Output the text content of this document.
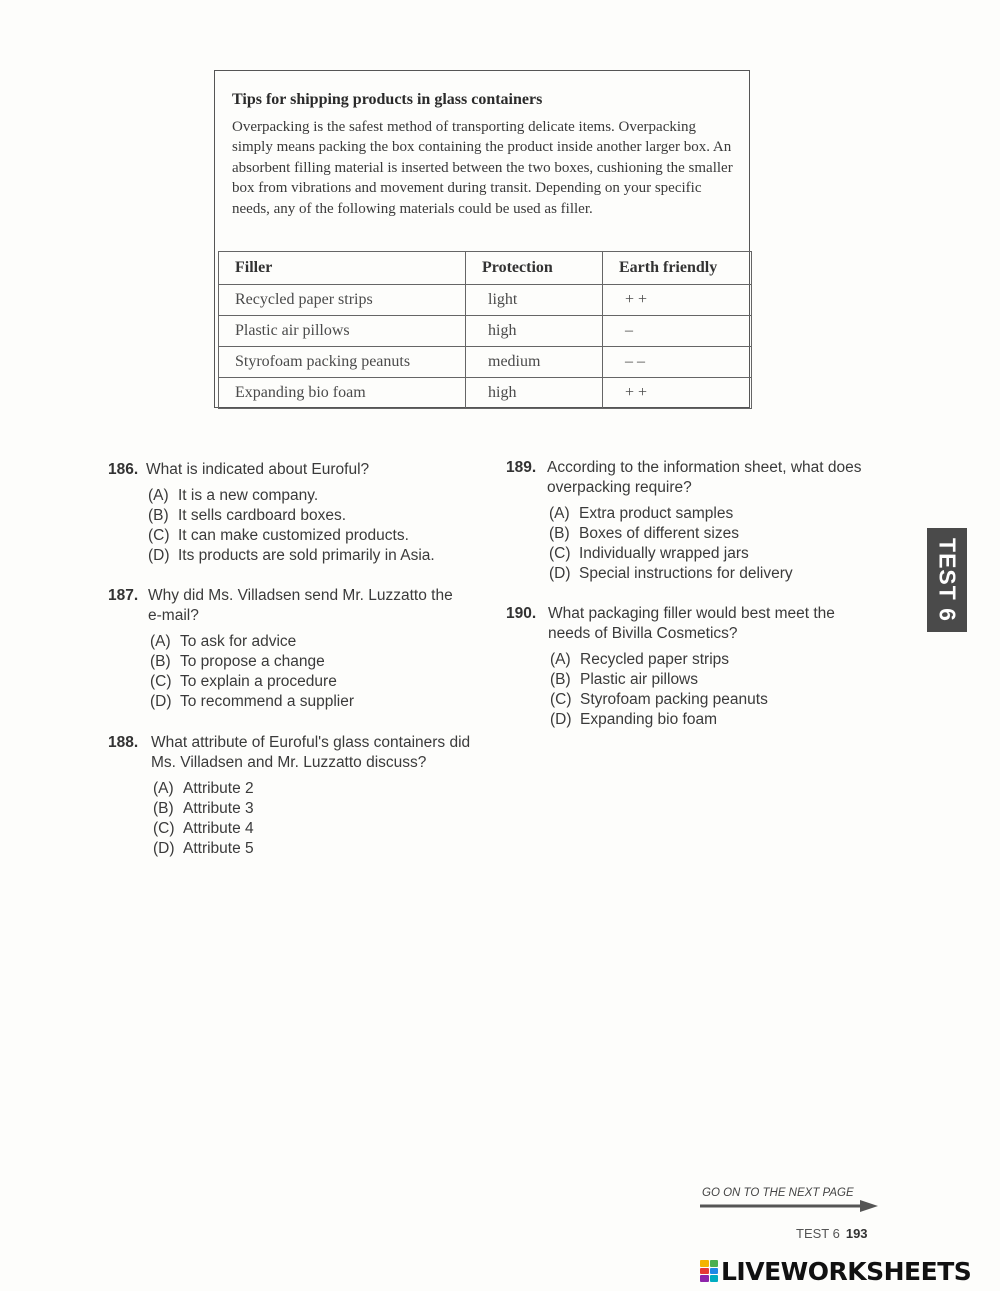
Tips for shipping products in glass containers
Overpacking is the safest method of transporting delicate items. Overpacking simply means packing the box containing the product inside another larger box. An absorbent filling material is inserted between the two boxes, cushioning the smaller box from vibrations and movement during transit. Depending on your specific needs, any of the following materials could be used as filler.
Filler	Protection	Earth friendly
Recycled paper strips	light	+ +
Plastic air pillows	high	–
Styrofoam packing peanuts	medium	– –
Expanding bio foam	high	+ +
186. What is indicated about Euroful?
(A) It is a new company.
(B) It sells cardboard boxes.
(C) It can make customized products.
(D) Its products are sold primarily in Asia.
187. Why did Ms. Villadsen send Mr. Luzzatto the e-mail?
(A) To ask for advice
(B) To propose a change
(C) To explain a procedure
(D) To recommend a supplier
188. What attribute of Euroful's glass containers did Ms. Villadsen and Mr. Luzzatto discuss?
(A) Attribute 2
(B) Attribute 3
(C) Attribute 4
(D) Attribute 5
189. According to the information sheet, what does overpacking require?
(A) Extra product samples
(B) Boxes of different sizes
(C) Individually wrapped jars
(D) Special instructions for delivery
190. What packaging filler would best meet the needs of Bivilla Cosmetics?
(A) Recycled paper strips
(B) Plastic air pillows
(C) Styrofoam packing peanuts
(D) Expanding bio foam
TEST 6
GO ON TO THE NEXT PAGE
TEST 6 193
LIVEWORKSHEETS
